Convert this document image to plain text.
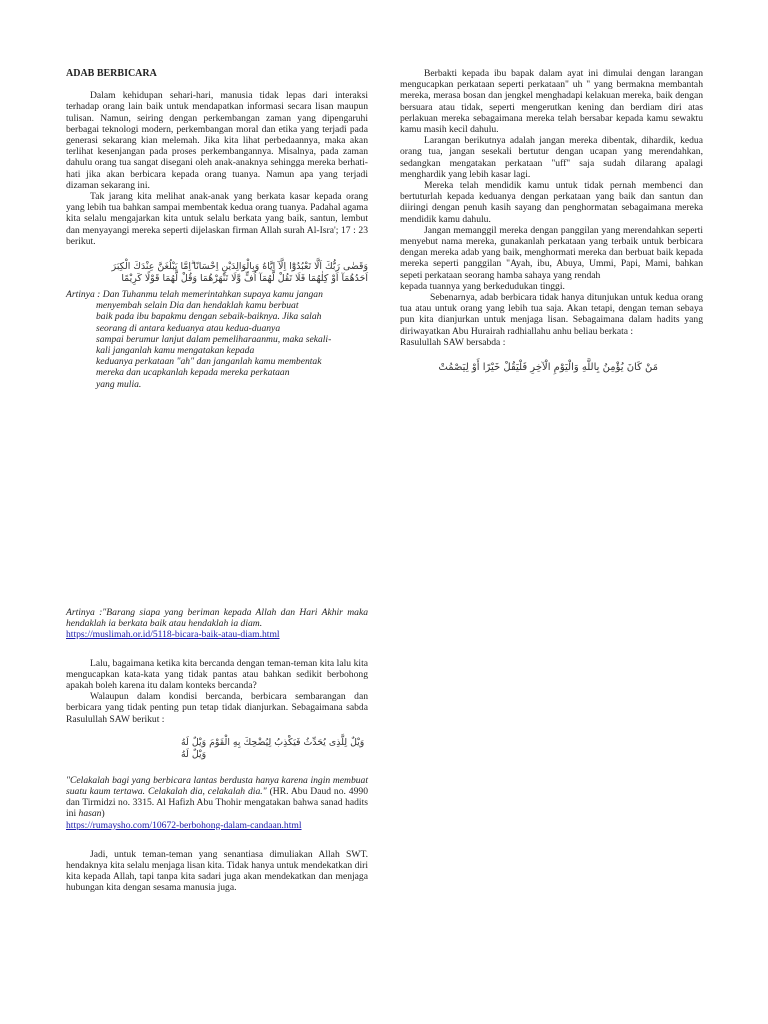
ADAB BERBICARA

Dalam kehidupan sehari-hari, manusia tidak lepas dari interaksi terhadap orang lain baik untuk mendapatkan informasi secara lisan maupun tulisan. Namun, seiring dengan perkembangan zaman yang dipengaruhi berbagai teknologi modern, perkembangan moral dan etika yang terjadi pada generasi sekarang kian melemah. Jika kita lihat perbedaannya, maka akan terlihat kesenjangan pada proses perkembangannya. Misalnya, pada zaman dahulu orang tua sangat disegani oleh anak-anaknya sehingga mereka berhati-hati jika akan berbicara kepada orang tuanya. Namun apa yang terjadi dizaman sekarang ini.

Tak jarang kita melihat anak-anak yang berkata kasar kepada orang yang lebih tua bahkan sampai membentak kedua orang tuanya. Padahal agama kita selalu mengajarkan kita untuk selalu berkata yang baik, santun, lembut dan menyayangi mereka seperti dijelaskan firman Allah surah Al-Isra'; 17 : 23 berikut.

وَقَضٰى رَبُّكَ اَلَّا تَعْبُدُوْٓا اِلَّآ اِيَّاهُ وَبِالْوَالِدَيْنِ اِحْسَانًا ۗاِمَّا يَبْلُغَنَّ عِنْدَكَ الْكِبَرَ

اَحَدُهُمَآ اَوْ كِلٰهُمَا فَلَا تَقُلْ لَّهُمَآ اُفٍّ وَّلَا تَنْهَرْهُمَا وَقُلْ لَّهُمَا قَوْلًا كَرِيْمًا

Artinya : Dan Tuhanmu telah memerintahkan supaya kamu jangan
menyembah selain Dia dan hendaklah kamu berbuat
baik pada ibu bapakmu dengan sebaik-baiknya. Jika salah
seorang di antara keduanya atau kedua-duanya
sampai berumur lanjut dalam pemeliharaanmu, maka sekali-
kali janganlah kamu mengatakan kepada
keduanya perkataan "ah" dan janganlah kamu membentak
mereka dan ucapkanlah kepada mereka perkataan
yang mulia.

Artinya :"Barang siapa yang beriman kepada Allah dan Hari Akhir maka hendaklah ia berkata baik atau hendaklah ia diam.

https://muslimah.or.id/5118-bicara-baik-atau-diam.html

Lalu, bagaimana ketika kita bercanda dengan teman-teman kita lalu kita mengucapkan kata-kata yang tidak pantas atau bahkan sedikit berbohong apakah boleh karena itu dalam konteks bercanda?

Walaupun dalam kondisi bercanda, berbicara sembarangan dan berbicara yang tidak penting pun tetap tidak dianjurkan. Sebagaimana sabda Rasulullah SAW berikut :

وَيْلٌ لِلَّذِى يُحَدِّثُ فَيَكْذِبُ لِيُضْحِكَ بِهِ الْقَوْمَ وَيْلٌ لَهُ وَيْلٌ لَهُ

"Celakalah bagi yang berbicara lantas berdusta hanya karena ingin membuat suatu kaum tertawa. Celakalah dia, celakalah dia." (HR. Abu Daud no. 4990 dan Tirmidzi no. 3315. Al Hafizh Abu Thohir mengatakan bahwa sanad hadits ini hasan)

https://rumaysho.com/10672-berbohong-dalam-candaan.html

Jadi, untuk teman-teman yang senantiasa dimuliakan Allah SWT. hendaknya kita selalu menjaga lisan kita. Tidak hanya untuk mendekatkan diri kita kepada Allah, tapi tanpa kita sadari juga akan mendekatkan dan menjaga hubungan kita dengan sesama manusia juga.

Berbakti kepada ibu bapak dalam ayat ini dimulai dengan larangan mengucapkan perkataan seperti perkataan" uh " yang bermakna membantah mereka, merasa bosan dan jengkel menghadapi kelakuan mereka, baik dengan bersuara atau tidak, seperti mengerutkan kening dan berdiam diri atas perlakuan mereka sebagaimana mereka telah bersabar kepada kamu sewaktu kamu masih kecil dahulu.

Larangan berikutnya adalah jangan mereka dibentak, dihardik, kedua orang tua, jangan sesekali bertutur dengan ucapan yang merendahkan, sedangkan mengatakan perkataan "uff" saja sudah dilarang apalagi menghardik yang lebih kasar lagi.

Mereka telah mendidik kamu untuk tidak pernah membenci dan bertuturlah kepada keduanya dengan perkataan yang baik dan santun dan diiringi dengan penuh kasih sayang dan penghormatan sebagaimana mereka mendidik kamu dahulu.

Jangan memanggil mereka dengan panggilan yang merendahkan seperti menyebut nama mereka, gunakanlah perkataan yang terbaik untuk berbicara dengan mereka adab yang baik, menghormati mereka dan berbuat baik kepada mereka seperti panggilan "Ayah, ibu, Abuya, Ummi, Papi, Mami, bahkan sepeti perkataan seorang hamba sahaya yang rendah

kepada tuannya yang berkedudukan tinggi.

Sebenarnya, adab berbicara tidak hanya ditunjukan untuk kedua orang tua atau untuk orang yang lebih tua saja. Akan tetapi, dengan teman sebaya pun kita dianjurkan untuk menjaga lisan. Sebagaimana dalam hadits yang diriwayatkan Abu Hurairah radhiallahu anhu beliau berkata :

Rasulullah SAW bersabda :

مَنْ كَانَ يُؤْمِنُ بِاللَّهِ وَالْيَوْمِ الْآخِرِ فَلْيَقُلْ خَيْرًا أَوْ لِيَصْمُتْ
